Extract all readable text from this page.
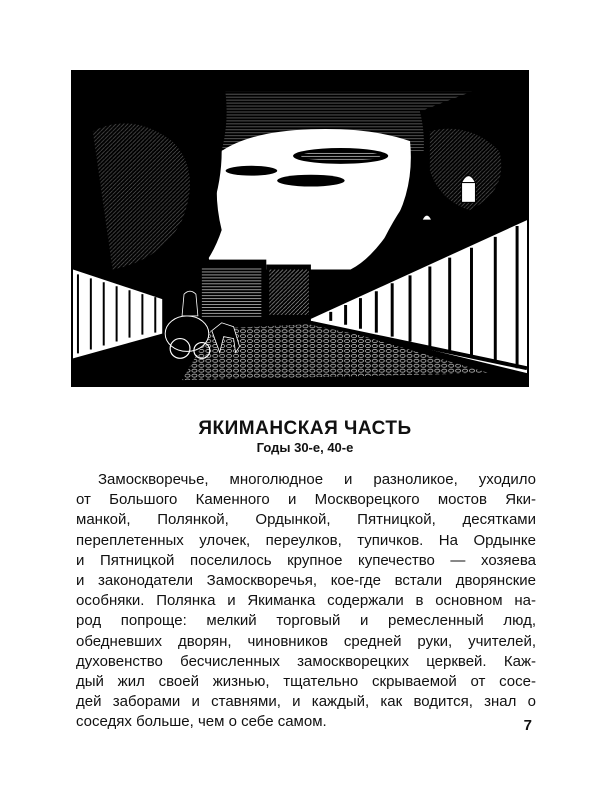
ЯКИМАНСКАЯ ЧАСТЬ
Годы 30-е, 40-е
Замоскворечье, многолюдное и разноликое, уходило
от Большого Каменного и Москворецкого мостов Яки-
манкой, Полянкой, Ордынкой, Пятницкой, десятками
переплетенных улочек, переулков, тупичков. На Ордынке
и Пятницкой поселилось крупное купечество — хозяева
и законодатели Замоскворечья, кое-где встали дворянские
особняки. Полянка и Якиманка содержали в основном на-
род попроще: мелкий торговый и ремесленный люд,
обедневших дворян, чиновников средней руки, учителей,
духовенство бесчисленных замоскворецких церквей. Каж-
дый жил своей жизнью, тщательно скрываемой от сосе-
дей заборами и ставнями, и каждый, как водится, знал о
соседях больше, чем о себе самом.	7
